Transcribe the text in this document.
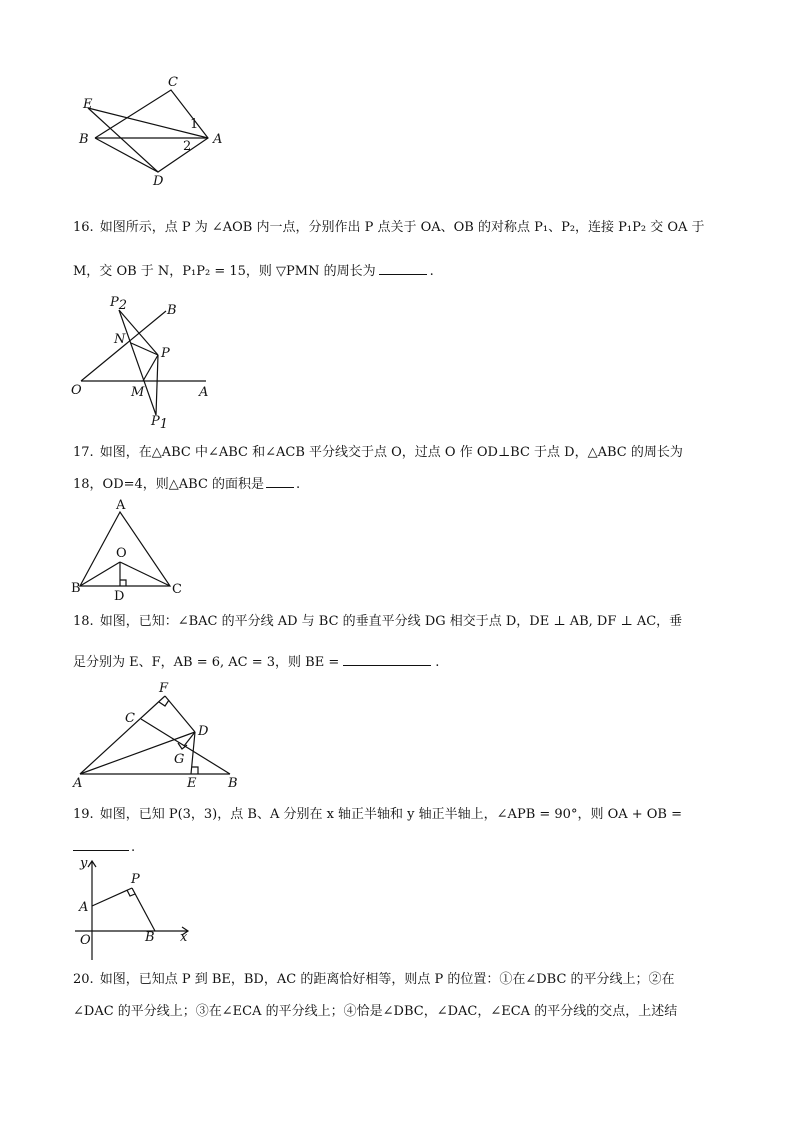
C
E
B	A
D
1
2
16. 如图所示，点 P 为 ∠AOB 内一点，分别作出 P 点关于 OA、OB 的对称点 P₁、P₂，连接 P₁P₂ 交 OA 于
M，交 OB 于 N，P₁P₂ = 15，则 ▽PMN 的周长为	.
P2	B
N
P
O	M	A
P1
17. 如图，在△ABC 中∠ABC 和∠ACB 平分线交于点 O，过点 O 作 OD⊥BC 于点 D，△ABC 的周长为
18，OD=4，则△ABC 的面积是 .
A
O
B
D	C
18. 如图，已知：∠BAC 的平分线 AD 与 BC 的垂直平分线 DG 相交于点 D，DE ⊥ AB, DF ⊥ AC，垂
足分别为 E、F，AB = 6, AC = 3，则 BE =	.
F
C
D
G
A	E B
19. 如图，已知 P(3，3)，点 B、A 分别在 x 轴正半轴和 y 轴正半轴上，∠APB = 90°，则 OA + OB =
.
y
P
A
O	B x
20. 如图，已知点 P 到 BE，BD，AC 的距离恰好相等，则点 P 的位置：①在∠DBC 的平分线上；②在
∠DAC 的平分线上；③在∠ECA 的平分线上；④恰是∠DBC，∠DAC，∠ECA 的平分线的交点，上述结
